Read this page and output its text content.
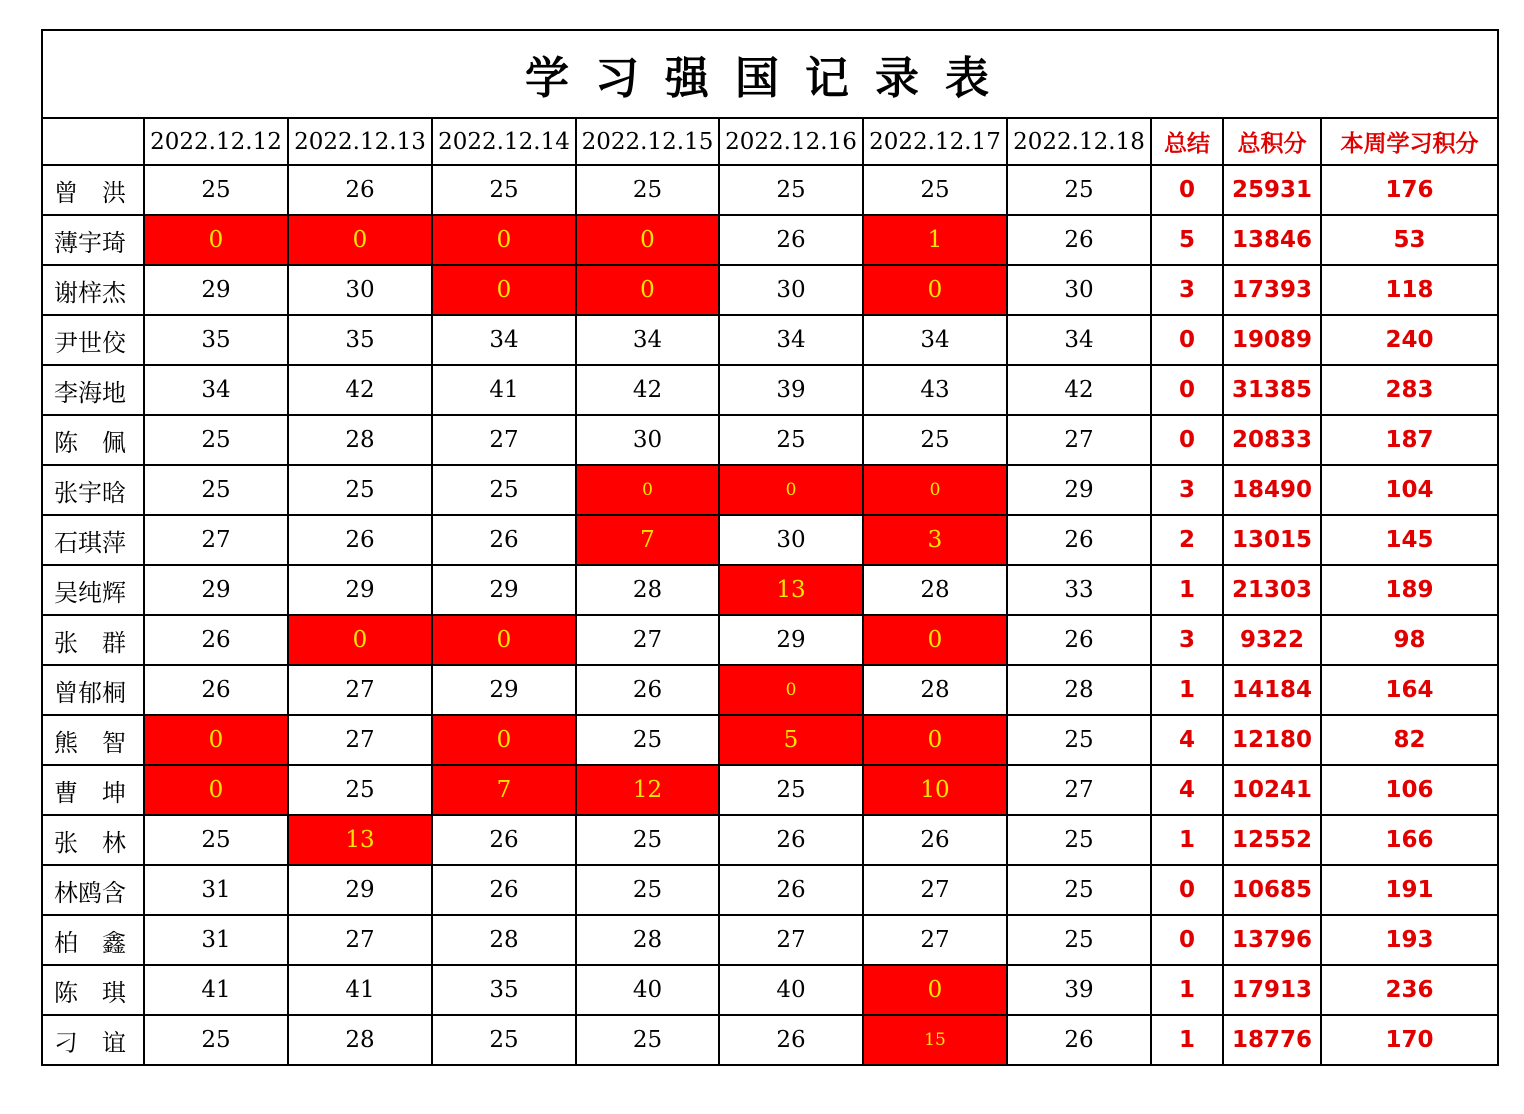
学习强国记录表										
	2022.12.12	2022.12.13	2022.12.14	2022.12.15	2022.12.16	2022.12.17	2022.12.18	总结	总积分	本周学习积分
曾　洪	25	26	25	25	25	25	25	0	25931	176
薄宇琦	0	0	0	0	26	1	26	5	13846	53
谢梓杰	29	30	0	0	30	0	30	3	17393	118
尹世佼	35	35	34	34	34	34	34	0	19089	240
李海地	34	42	41	42	39	43	42	0	31385	283
陈　佩	25	28	27	30	25	25	27	0	20833	187
张宇晗	25	25	25	0	0	0	29	3	18490	104
石琪萍	27	26	26	7	30	3	26	2	13015	145
吴纯辉	29	29	29	28	13	28	33	1	21303	189
张　群	26	0	0	27	29	0	26	3	9322	98
曾郁桐	26	27	29	26	0	28	28	1	14184	164
熊　智	0	27	0	25	5	0	25	4	12180	82
曹　坤	0	25	7	12	25	10	27	4	10241	106
张　林	25	13	26	25	26	26	25	1	12552	166
林鸥含	31	29	26	25	26	27	25	0	10685	191
柏　鑫	31	27	28	28	27	27	25	0	13796	193
陈　琪	41	41	35	40	40	0	39	1	17913	236
刁　谊	25	28	25	25	26	15	26	1	18776	170
